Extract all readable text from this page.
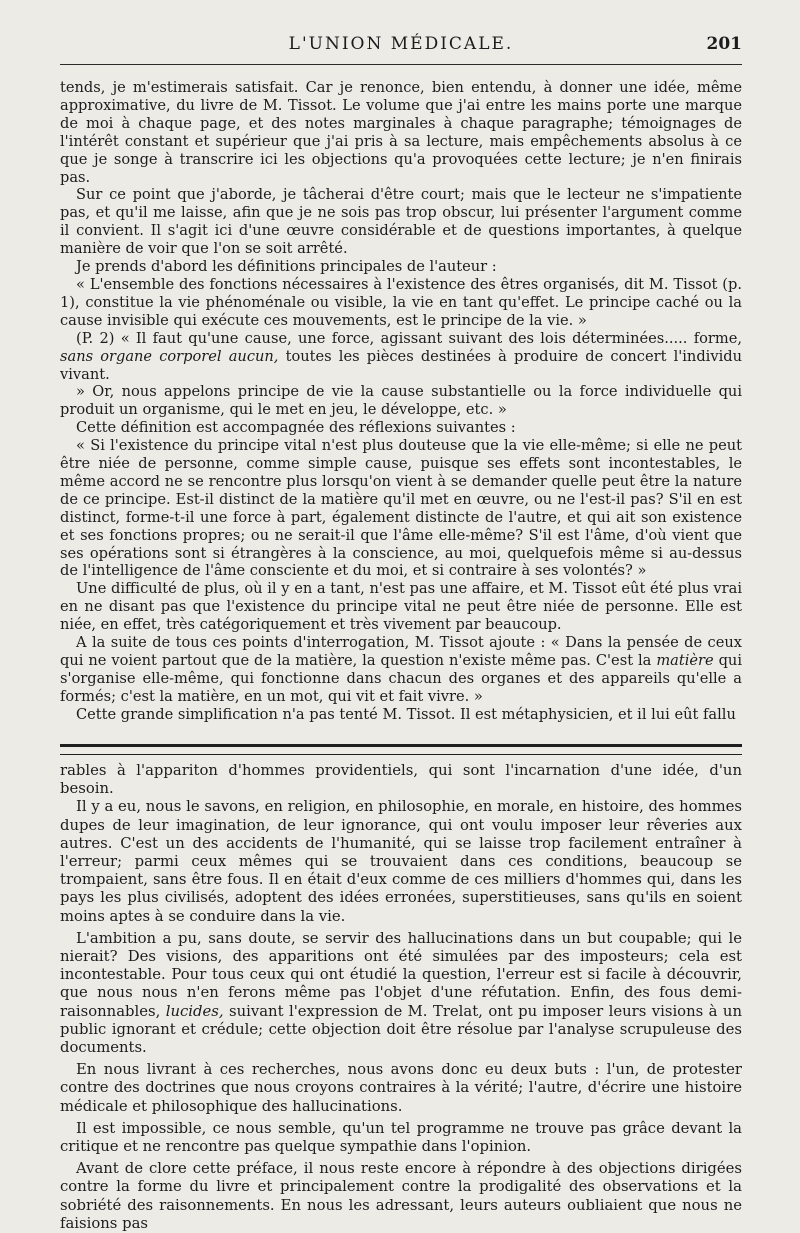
L'UNION MÉDICALE.	201

tends, je m'estimerais satisfait. Car je renonce, bien entendu, à donner une idée, même approximative, du livre de M. Tissot. Le volume que j'ai entre les mains porte une marque de moi à chaque page, et des notes marginales à chaque paragraphe; témoignages de l'intérêt constant et supérieur que j'ai pris à sa lecture, mais empêchements absolus à ce que je songe à transcrire ici les objections qu'a provoquées cette lecture; je n'en finirais pas.

Sur ce point que j'aborde, je tâcherai d'être court; mais que le lecteur ne s'impatiente pas, et qu'il me laisse, afin que je ne sois pas trop obscur, lui présenter l'argument comme il convient. Il s'agit ici d'une œuvre considérable et de questions importantes, à quelque manière de voir que l'on se soit arrêté.

Je prends d'abord les définitions principales de l'auteur :

« L'ensemble des fonctions nécessaires à l'existence des êtres organisés, dit M. Tissot (p. 1), constitue la vie phénoménale ou visible, la vie en tant qu'effet. Le principe caché ou la cause invisible qui exécute ces mouvements, est le principe de la vie. »

(P. 2) « Il faut qu'une cause, une force, agissant suivant des lois déterminées..... forme, sans organe corporel aucun, toutes les pièces destinées à produire de concert l'individu vivant.

» Or, nous appelons principe de vie la cause substantielle ou la force individuelle qui produit un organisme, qui le met en jeu, le développe, etc. »

Cette définition est accompagnée des réflexions suivantes :

« Si l'existence du principe vital n'est plus douteuse que la vie elle-même; si elle ne peut être niée de personne, comme simple cause, puisque ses effets sont incontestables, le même accord ne se rencontre plus lorsqu'on vient à se demander quelle peut être la nature de ce principe. Est-il distinct de la matière qu'il met en œuvre, ou ne l'est-il pas? S'il en est distinct, forme-t-il une force à part, également distincte de l'autre, et qui ait son existence et ses fonctions propres; ou ne serait-il que l'âme elle-même? S'il est l'âme, d'où vient que ses opérations sont si étrangères à la conscience, au moi, quelquefois même si au-dessus de l'intelligence de l'âme consciente et du moi, et si contraire à ses volontés? »

Une difficulté de plus, où il y en a tant, n'est pas une affaire, et M. Tissot eût été plus vrai en ne disant pas que l'existence du principe vital ne peut être niée de personne. Elle est niée, en effet, très catégoriquement et très vivement par beaucoup.

A la suite de tous ces points d'interrogation, M. Tissot ajoute : « Dans la pensée de ceux qui ne voient partout que de la matière, la question n'existe même pas. C'est la matière qui s'organise elle-même, qui fonctionne dans chacun des organes et des appareils qu'elle a formés; c'est la matière, en un mot, qui vit et fait vivre. »

Cette grande simplification n'a pas tenté M. Tissot. Il est métaphysicien, et il lui eût fallu

rables à l'appariton d'hommes providentiels, qui sont l'incarnation d'une idée, d'un besoin.

Il y a eu, nous le savons, en religion, en philosophie, en morale, en histoire, des hommes dupes de leur imagination, de leur ignorance, qui ont voulu imposer leur rêveries aux autres. C'est un des accidents de l'humanité, qui se laisse trop facilement entraîner à l'erreur; parmi ceux mêmes qui se trouvaient dans ces conditions, beaucoup se trompaient, sans être fous. Il en était d'eux comme de ces milliers d'hommes qui, dans les pays les plus civilisés, adoptent des idées erronées, superstitieuses, sans qu'ils en soient moins aptes à se conduire dans la vie.

L'ambition a pu, sans doute, se servir des hallucinations dans un but coupable; qui le nierait? Des visions, des apparitions ont été simulées par des imposteurs; cela est incontestable. Pour tous ceux qui ont étudié la question, l'erreur est si facile à découvrir, que nous nous n'en ferons même pas l'objet d'une réfutation. Enfin, des fous demi-raisonnables, lucides, suivant l'expression de M. Trelat, ont pu imposer leurs visions à un public ignorant et crédule; cette objection doit être résolue par l'analyse scrupuleuse des documents.

En nous livrant à ces recherches, nous avons donc eu deux buts : l'un, de protester contre des doctrines que nous croyons contraires à la vérité; l'autre, d'écrire une histoire médicale et philosophique des hallucinations.

Il est impossible, ce nous semble, qu'un tel programme ne trouve pas grâce devant la critique et ne rencontre pas quelque sympathie dans l'opinion.

Avant de clore cette préface, il nous reste encore à répondre à des objections dirigées contre la forme du livre et principalement contre la prodigalité des observations et la sobriété des raisonnements. En nous les adressant, leurs auteurs oubliaient que nous ne faisions pas
